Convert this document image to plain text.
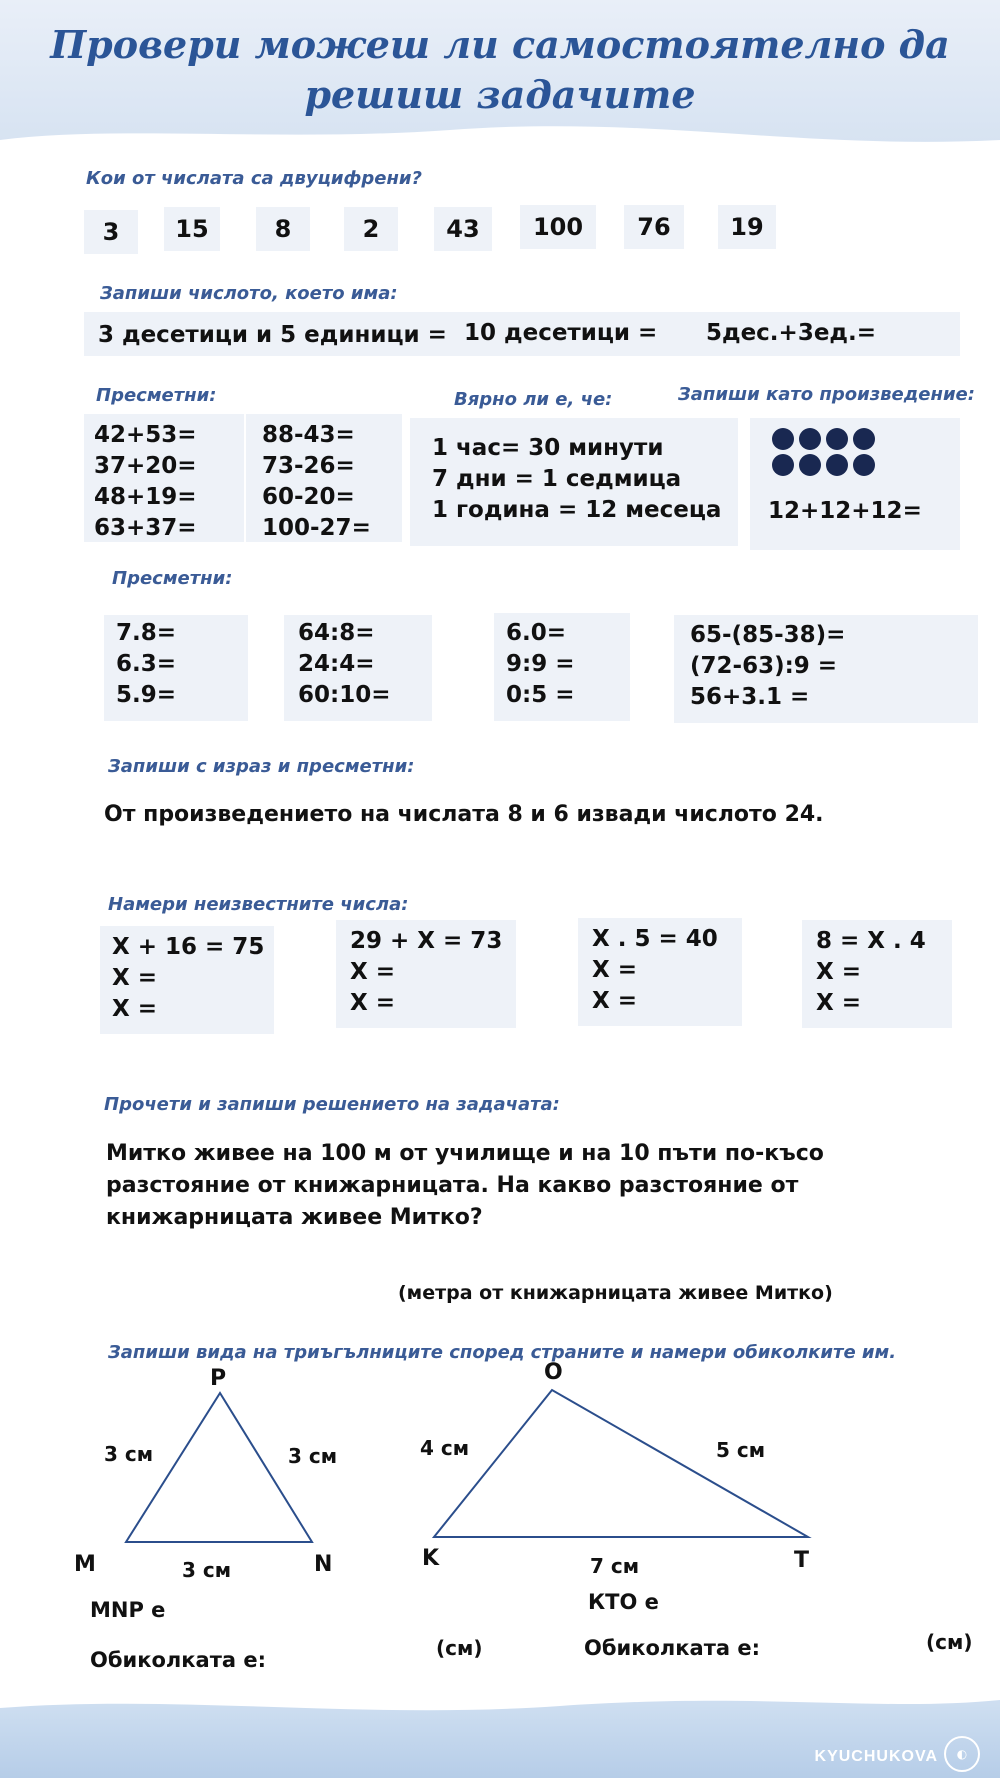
Провери можеш ли самостоятелно да
решиш задачите
Кои от числата са двуцифрени?
3	15	8	2	43	100	76	19
Запиши числото, което има:
3 десетици и 5 единици = 10 десетици = 5дес.+3ед.=
Пресметни:	Вярно ли е, че:	Запиши като произведение:
42+53=
37+20=
48+19=
63+37=
88-43=
73-26=
60-20=
100-27=
1 час= 30 минути
7 дни = 1 седмица
1 година = 12 месеца 12+12+12=
Пресметни:
7.8=
6.3=
5.9=
64:8=
24:4=
60:10=
6.0=
9:9 =
0:5 =
65-(85-38)=
(72-63):9 =
56+3.1 =
Запиши с израз и пресметни:
От произведението на числата 8 и 6 извади числото 24.
Намери неизвестните числа:
X + 16 = 75
X =
X =
29 + X = 73
X =
X =
X . 5 = 40
X =
X =
8 = X . 4
X =
X =
Прочети и запиши решението на задачата:
Митко живее на 100 м от училище и на 10 пъти по-късо
разстояние от книжарницата. На какво разстояние от
книжарницата живее Митко?
(метра от книжарницата живее Митко)
Запиши вида на триъгълниците според страните и намери обиколките им.
P
M	N
3 см	3 см
3 см
MNP е
Обиколката е:	(см)
O
K	T
4 см	5 см
7 см
КТО е
Обиколката е:	(см)
KYUCHUKOVA	◐
